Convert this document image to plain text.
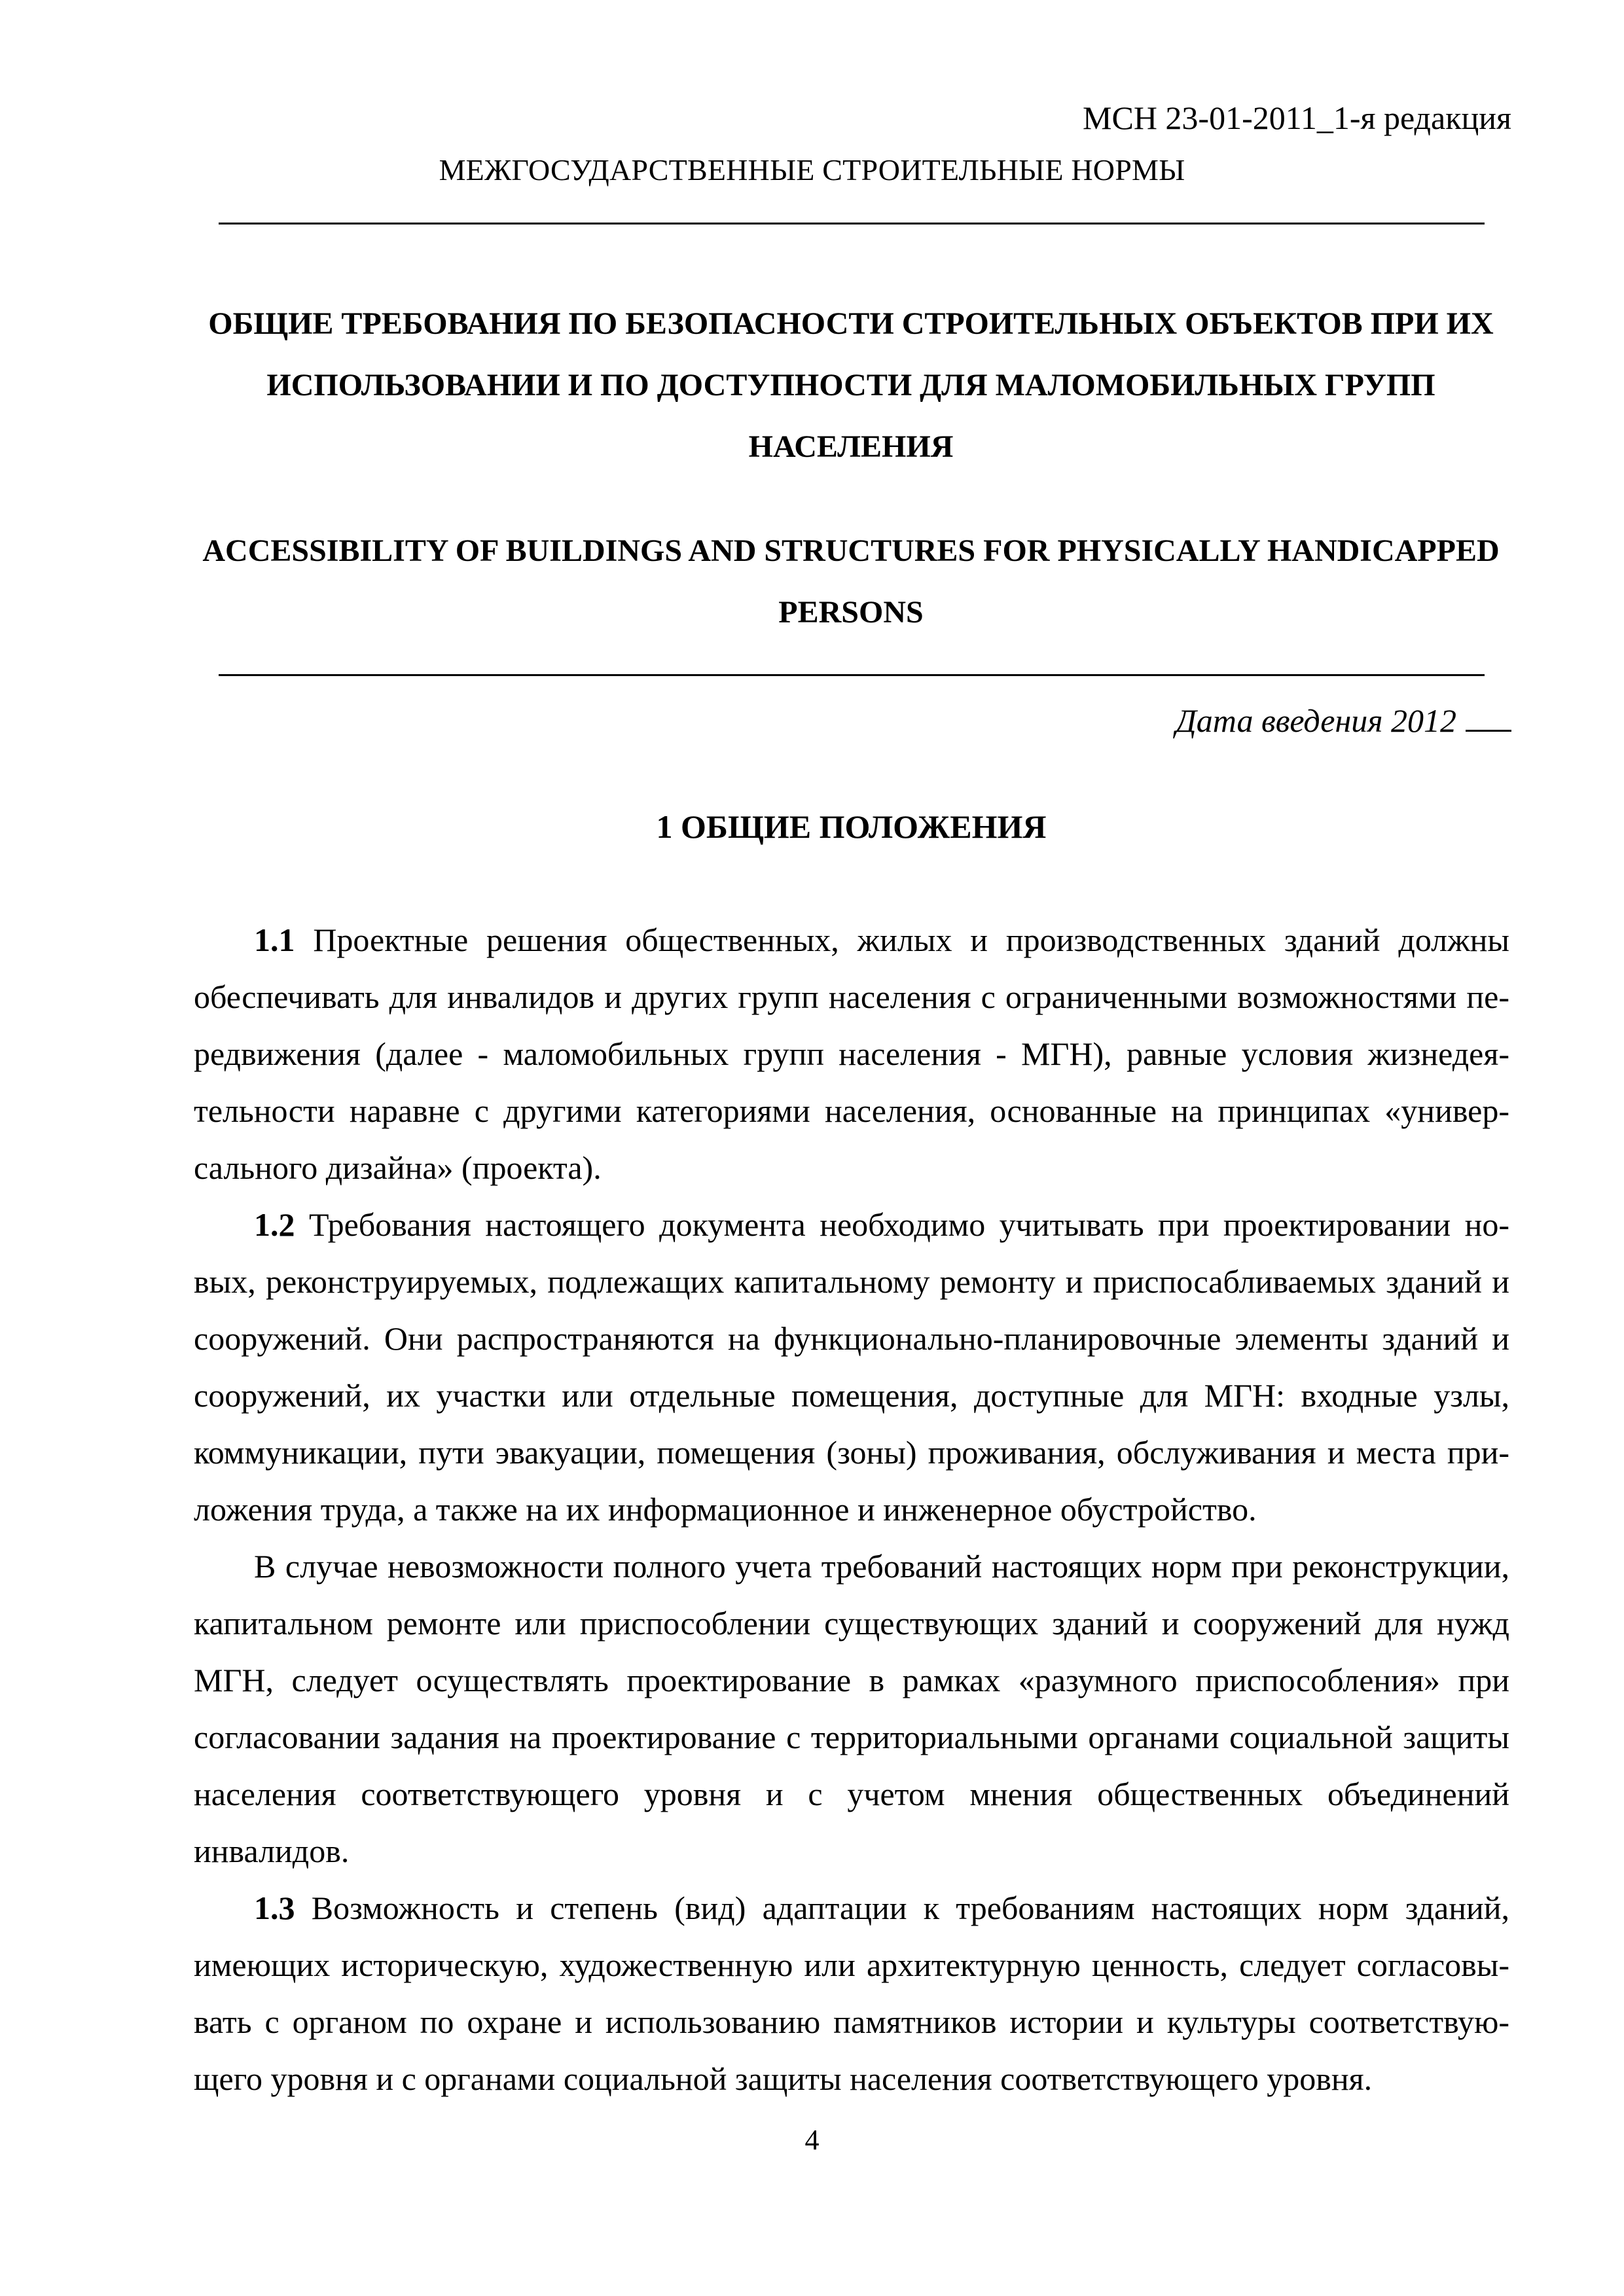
МСН 23-01-2011_1-я редакция
МЕЖГОСУДАРСТВЕННЫЕ СТРОИТЕЛЬНЫЕ НОРМЫ
ОБЩИЕ ТРЕБОВАНИЯ ПО БЕЗОПАСНОСТИ СТРОИТЕЛЬНЫХ ОБЪЕКТОВ ПРИ ИХ ИСПОЛЬЗОВАНИИ И ПО ДОСТУПНОСТИ ДЛЯ МАЛОМОБИЛЬНЫХ ГРУПП НАСЕЛЕНИЯ
ACCESSIBILITY OF BUILDINGS AND STRUCTURES FOR PHYSICALLY HANDICAPPED PERSONS
Дата введения 2012
1 ОБЩИЕ ПОЛОЖЕНИЯ

1.1 Проектные решения общественных, жилых и производственных зданий должны обеспечивать для инвалидов и других групп населения с ограниченными возможностями передвижения (далее - маломобильных групп населения - МГН), равные условия жизнедеятельности наравне с другими категориями населения, основанные на принципах «универсального дизайна» (проекта).

1.2 Требования настоящего документа необходимо учитывать при проектировании новых, реконструируемых, подлежащих капитальному ремонту и приспосабливаемых зданий и сооружений. Они распространяются на функционально-планировочные элементы зданий и сооружений, их участки или отдельные помещения, доступные для МГН: входные узлы, коммуникации, пути эвакуации, помещения (зоны) проживания, обслуживания и места приложения труда, а также на их информационное и инженерное обустройство.

В случае невозможности полного учета требований настоящих норм при реконструкции, капитальном ремонте или приспособлении существующих зданий и сооружений для нужд МГН, следует осуществлять проектирование в рамках «разумного приспособления» при согласовании задания на проектирование с территориальными органами социальной защиты населения соответствующего уровня и с учетом мнения общественных объединений инвалидов.

1.3 Возможность и степень (вид) адаптации к требованиям настоящих норм зданий, имеющих историческую, художественную или архитектурную ценность, следует согласовывать с органом по охране и использованию памятников истории и культуры соответствующего уровня и с органами социальной защиты населения соответствующего уровня.

4
